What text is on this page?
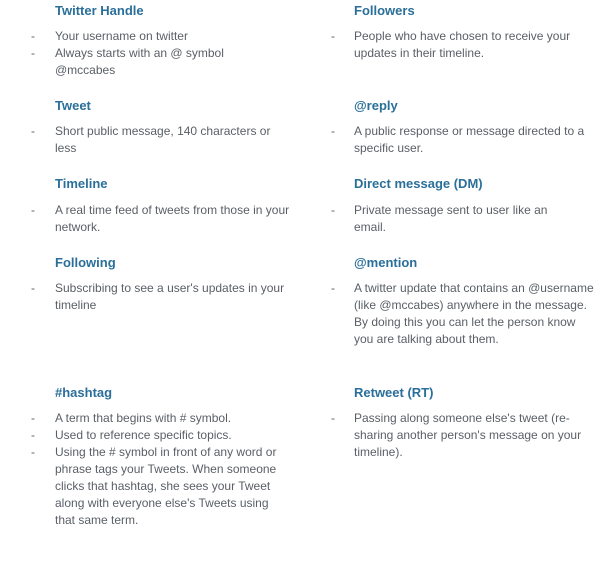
Twitter Handle
-	Your username on twitter
-	Always starts with an @ symbol @mccabes
Tweet
-	Short public message, 140 characters or less
Timeline
-	A real time feed of tweets from those in your network.
Following
-	Subscribing to see a user's updates in your timeline
#hashtag
-	A term that begins with # symbol.
-	Used to reference specific topics.
-	Using the # symbol in front of any word or phrase tags your Tweets. When someone clicks that hashtag, she sees your Tweet along with everyone else's Tweets using that same term.
Followers
-	People who have chosen to receive your updates in their timeline.
@reply
-	A public response or message directed to a specific user.
Direct message (DM)
-	Private message sent to user like an email.
@mention
-	A twitter update that contains an @username (like @mccabes) anywhere in the message. By doing this you can let the person know you are talking about them.
Retweet (RT)
-	Passing along someone else's tweet (re-sharing another person's message on your timeline).
